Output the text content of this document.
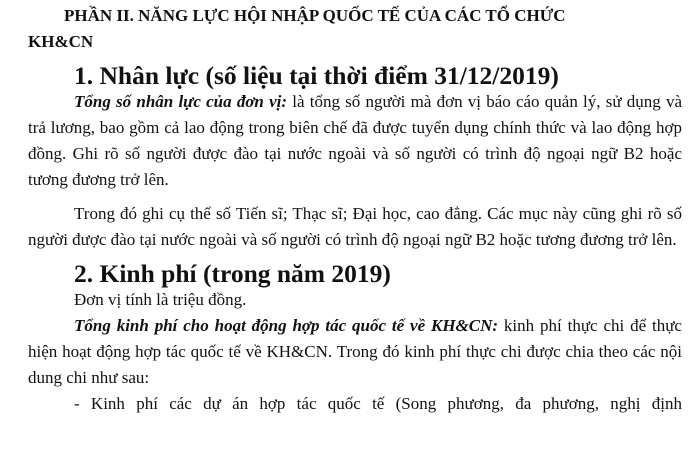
PHẦN II. NĂNG LỰC HỘI NHẬP QUỐC TẾ CỦA CÁC TỔ CHỨC
KH&CN
1. Nhân lực (số liệu tại thời điểm 31/12/2019)

Tổng số nhân lực của đơn vị: là tổng số người mà đơn vị báo cáo quản lý, sử dụng và trả lương, bao gồm cả lao động trong biên chế đã được tuyển dụng chính thức và lao động hợp đồng. Ghi rõ số người được đào tại nước ngoài và số người có trình độ ngoại ngữ B2 hoặc tương đương trở lên.

Trong đó ghi cụ thể số Tiến sĩ; Thạc sĩ; Đại học, cao đẳng. Các mục này cũng ghi rõ số người được đào tại nước ngoài và số người có trình độ ngoại ngữ B2 hoặc tương đương trở lên.

2. Kinh phí (trong năm 2019)

Đơn vị tính là triệu đồng.

Tổng kinh phí cho hoạt động hợp tác quốc tế về KH&CN: kinh phí thực chi để thực hiện hoạt động hợp tác quốc tế về KH&CN. Trong đó kinh phí thực chi được chia theo các nội dung chi như sau:

- Kinh phí các dự án hợp tác quốc tế (Song phương, đa phương, nghị định
